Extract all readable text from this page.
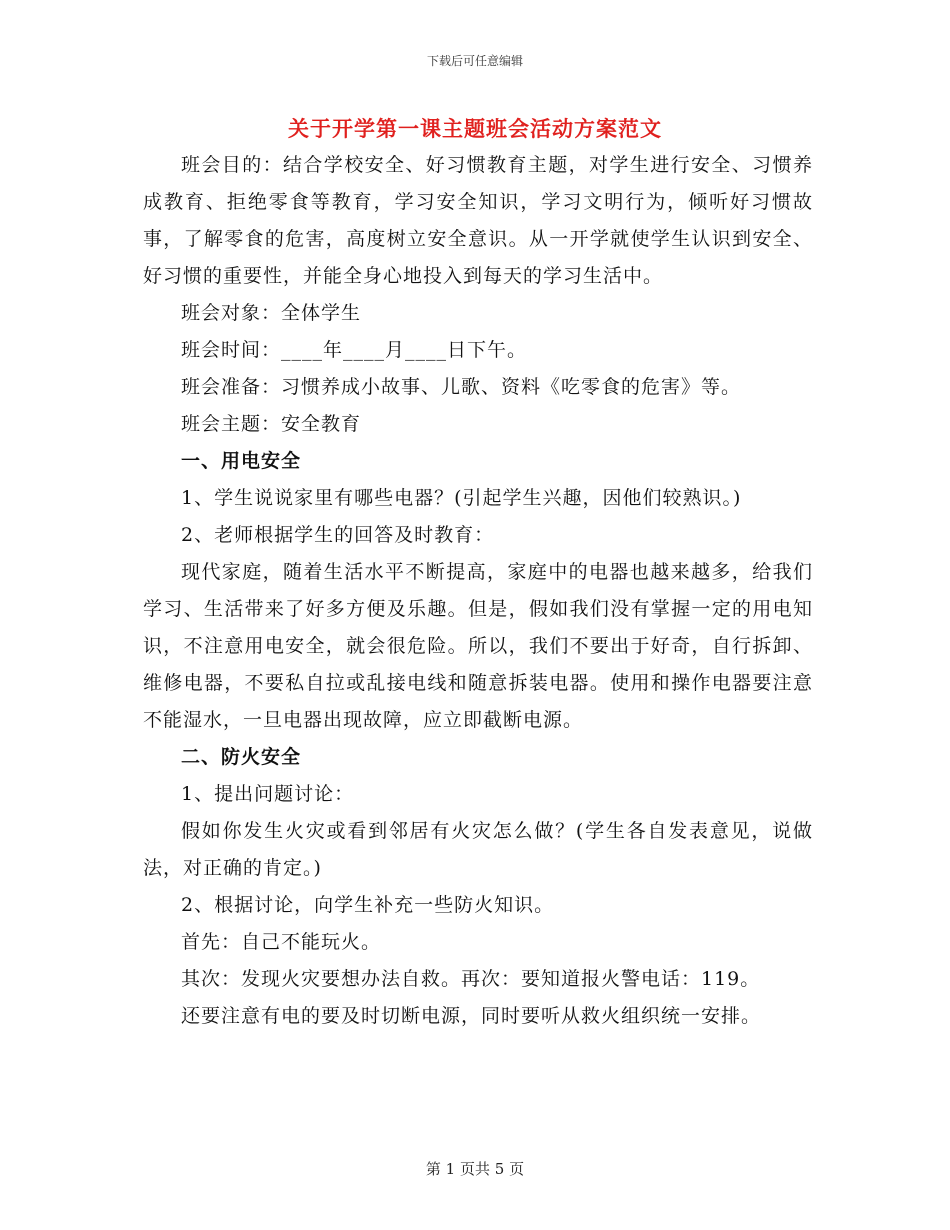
下载后可任意编辑
关于开学第一课主题班会活动方案范文

班会目的：结合学校安全、好习惯教育主题，对学生进行安全、习惯养成教育、拒绝零食等教育，学习安全知识，学习文明行为，倾听好习惯故事，了解零食的危害，高度树立安全意识。从一开学就使学生认识到安全、好习惯的重要性，并能全身心地投入到每天的学习生活中。

班会对象：全体学生

班会时间：____年____月____日下午。

班会准备：习惯养成小故事、儿歌、资料《吃零食的危害》等。

班会主题：安全教育

一、用电安全

1、学生说说家里有哪些电器？(引起学生兴趣，因他们较熟识。)

2、老师根据学生的回答及时教育：

现代家庭，随着生活水平不断提高，家庭中的电器也越来越多，给我们学习、生活带来了好多方便及乐趣。但是，假如我们没有掌握一定的用电知识，不注意用电安全，就会很危险。所以，我们不要出于好奇，自行拆卸、维修电器，不要私自拉或乱接电线和随意拆装电器。使用和操作电器要注意不能湿水，一旦电器出现故障，应立即截断电源。

二、防火安全

1、提出问题讨论：

假如你发生火灾或看到邻居有火灾怎么做？(学生各自发表意见，说做法，对正确的肯定。)

2、根据讨论，向学生补充一些防火知识。

首先：自己不能玩火。

其次：发现火灾要想办法自救。再次：要知道报火警电话：119。

还要注意有电的要及时切断电源，同时要听从救火组织统一安排。

第 1 页共 5 页
